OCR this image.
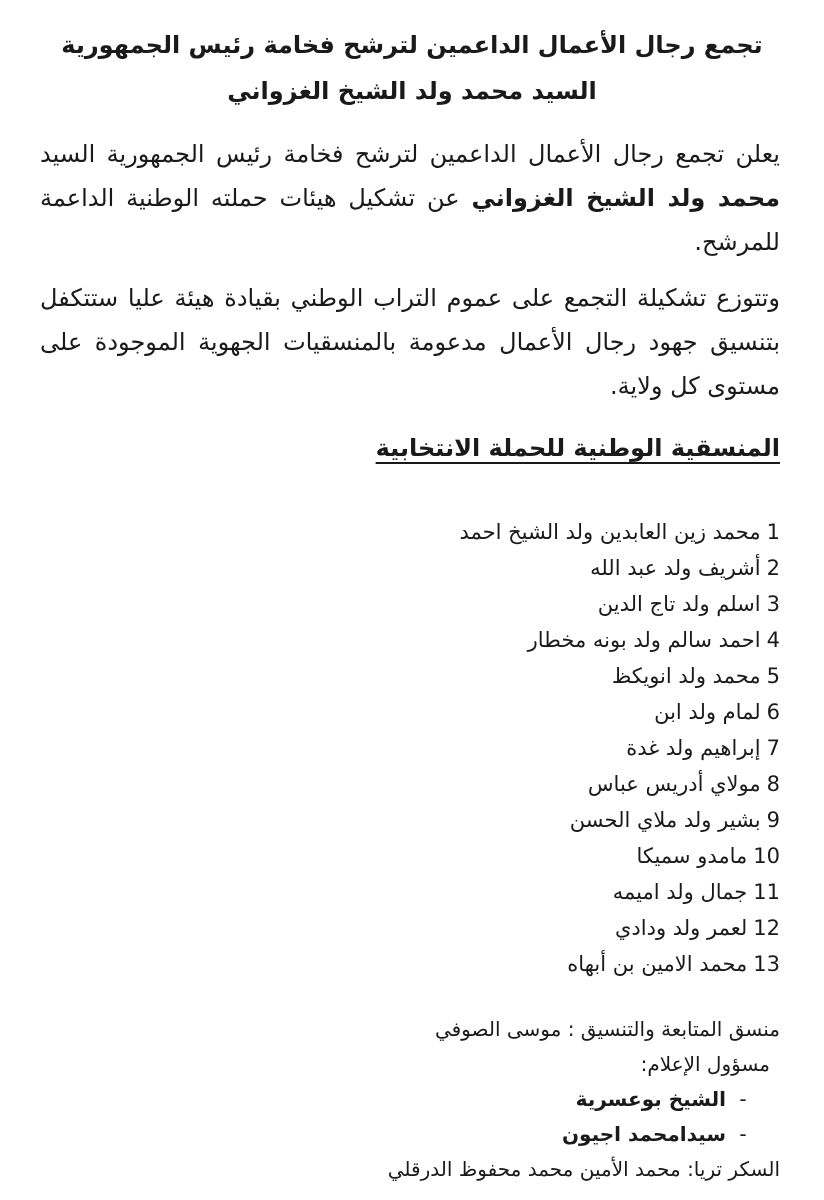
تجمع رجال الأعمال الداعمين لترشح فخامة رئيس الجمهورية
السيد محمد ولد الشيخ الغزواني
يعلن تجمع رجال الأعمال الداعمين لترشح فخامة رئيس الجمهورية السيد محمد ولد الشيخ الغزواني عن تشكيل هيئات حملته الوطنية الداعمة للمرشح.
وتتوزع تشكيلة التجمع على عموم التراب الوطني بقيادة هيئة عليا ستتكفل بتنسيق جهود رجال الأعمال مدعومة بالمنسقيات الجهوية الموجودة على مستوى كل ولاية.
المنسقية الوطنية للحملة الانتخابية
1محمد زين العابدين ولد الشيخ احمد
2أشريف ولد عبد الله
3اسلم ولد تاج الدين
4احمد سالم ولد بونه مخطار
5محمد ولد انويكظ
6لمام ولد ابن
7إبراهيم ولد غدة
8مولاي أدريس عباس
9بشير ولد ملاي الحسن
10مامدو سميكا
11جمال ولد اميمه
12لعمر ولد ودادي
13محمد الامين بن أبهاه
منسق المتابعة والتنسيق : موسى الصوفي
مسؤول الإعلام:
-الشيخ بوعسرية
-سيدامحمد اجيون
السكر تريا: محمد الأمين محمد محفوظ الدرقلي
